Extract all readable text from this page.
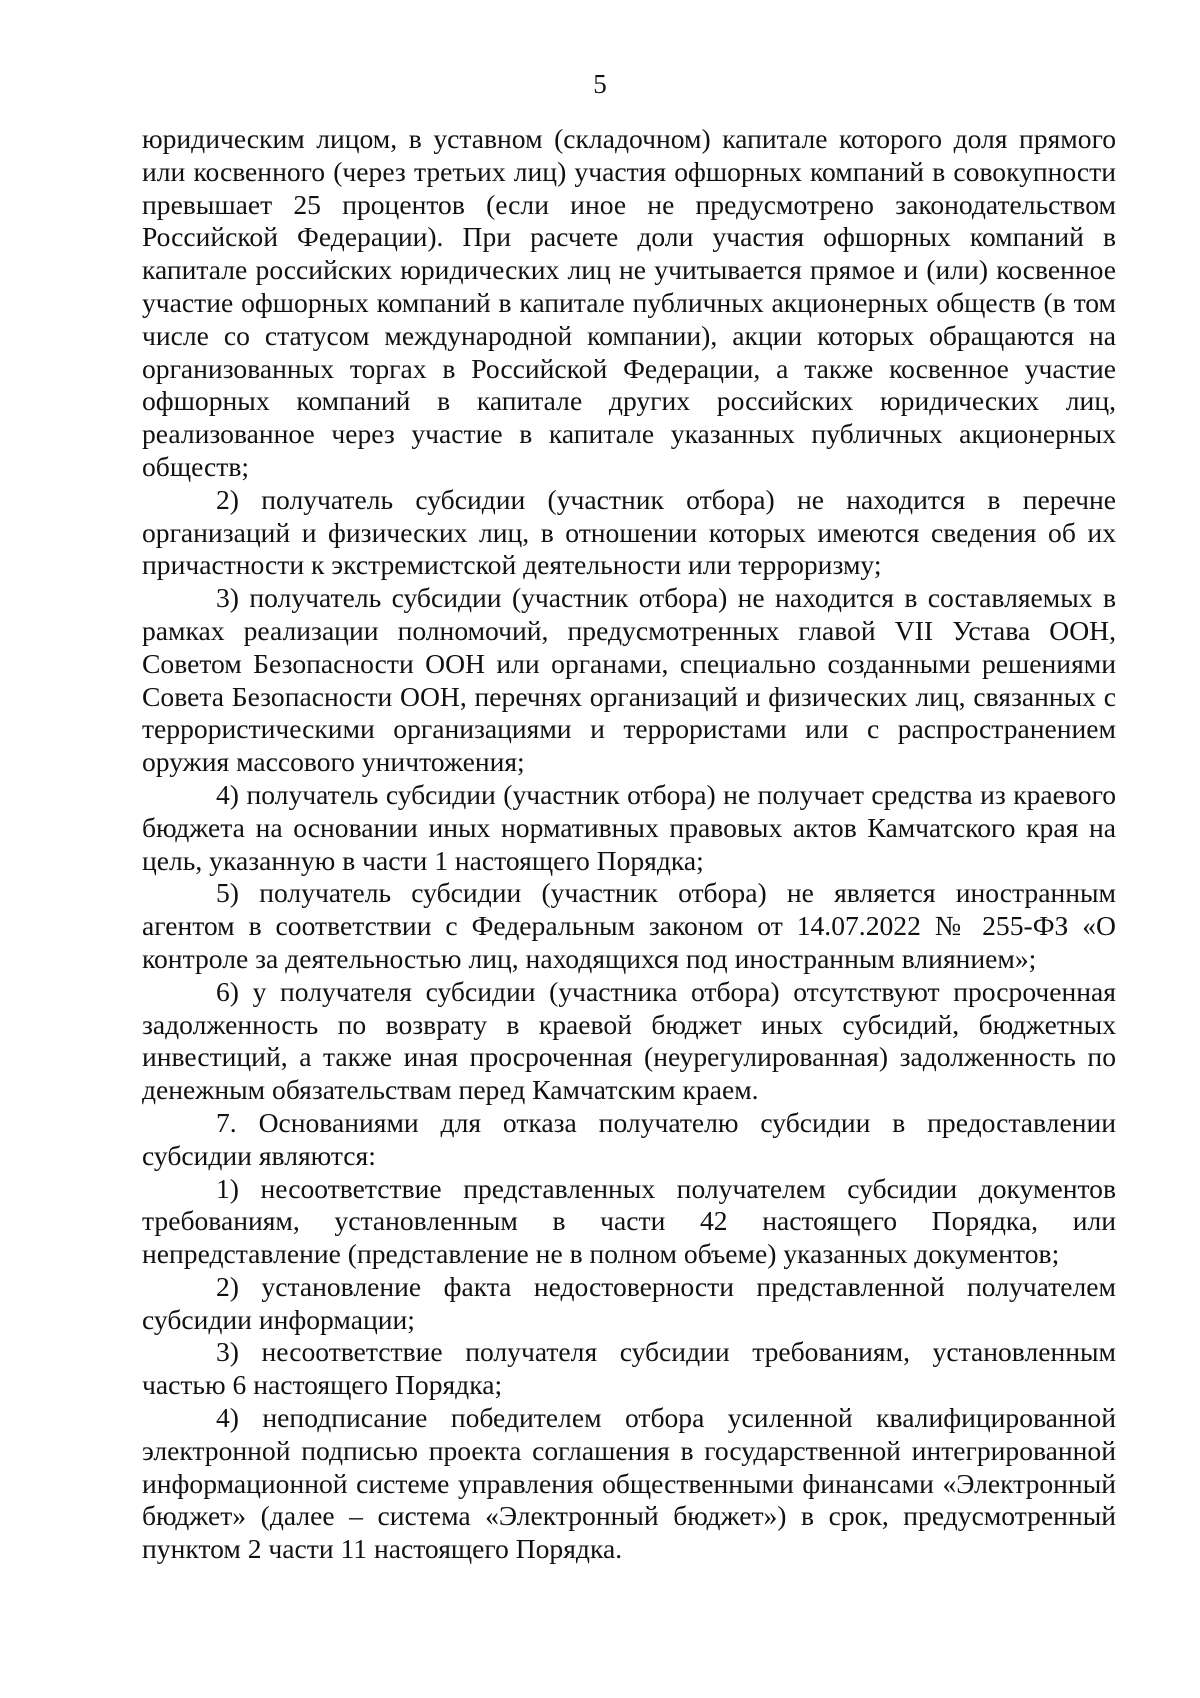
5

юридическим лицом, в уставном (складочном) капитале которого доля прямого или косвенного (через третьих лиц) участия офшорных компаний в совокупности превышает 25 процентов (если иное не предусмотрено законодательством Российской Федерации). При расчете доли участия офшорных компаний в капитале российских юридических лиц не учитывается прямое и (или) косвенное участие офшорных компаний в капитале публичных акционерных обществ (в том числе со статусом международной компании), акции которых обращаются на организованных торгах в Российской Федерации, а также косвенное участие офшорных компаний в капитале других российских юридических лиц, реализованное через участие в капитале указанных публичных акционерных обществ;

2) получатель субсидии (участник отбора) не находится в перечне организаций и физических лиц, в отношении которых имеются сведения об их причастности к экстремистской деятельности или терроризму;

3) получатель субсидии (участник отбора) не находится в составляемых в рамках реализации полномочий, предусмотренных главой VII Устава ООН, Советом Безопасности ООН или органами, специально созданными решениями Совета Безопасности ООН, перечнях организаций и физических лиц, связанных с террористическими организациями и террористами или с распространением оружия массового уничтожения;

4) получатель субсидии (участник отбора) не получает средства из краевого бюджета на основании иных нормативных правовых актов Камчатского края на цель, указанную в части 1 настоящего Порядка;

5) получатель субсидии (участник отбора) не является иностранным агентом в соответствии с Федеральным законом от 14.07.2022 № 255-ФЗ «О контроле за деятельностью лиц, находящихся под иностранным влиянием»;

6) у получателя субсидии (участника отбора) отсутствуют просроченная задолженность по возврату в краевой бюджет иных субсидий, бюджетных инвестиций, а также иная просроченная (неурегулированная) задолженность по денежным обязательствам перед Камчатским краем.

7. Основаниями для отказа получателю субсидии в предоставлении субсидии являются:

1) несоответствие представленных получателем субсидии документов требованиям, установленным в части 42 настоящего Порядка, или непредставление (представление не в полном объеме) указанных документов;

2) установление факта недостоверности представленной получателем субсидии информации;

3) несоответствие получателя субсидии требованиям, установленным частью 6 настоящего Порядка;

4) неподписание победителем отбора усиленной квалифицированной электронной подписью проекта соглашения в государственной интегрированной информационной системе управления общественными финансами «Электронный бюджет» (далее – система «Электронный бюджет») в срок, предусмотренный пунктом 2 части 11 настоящего Порядка.
